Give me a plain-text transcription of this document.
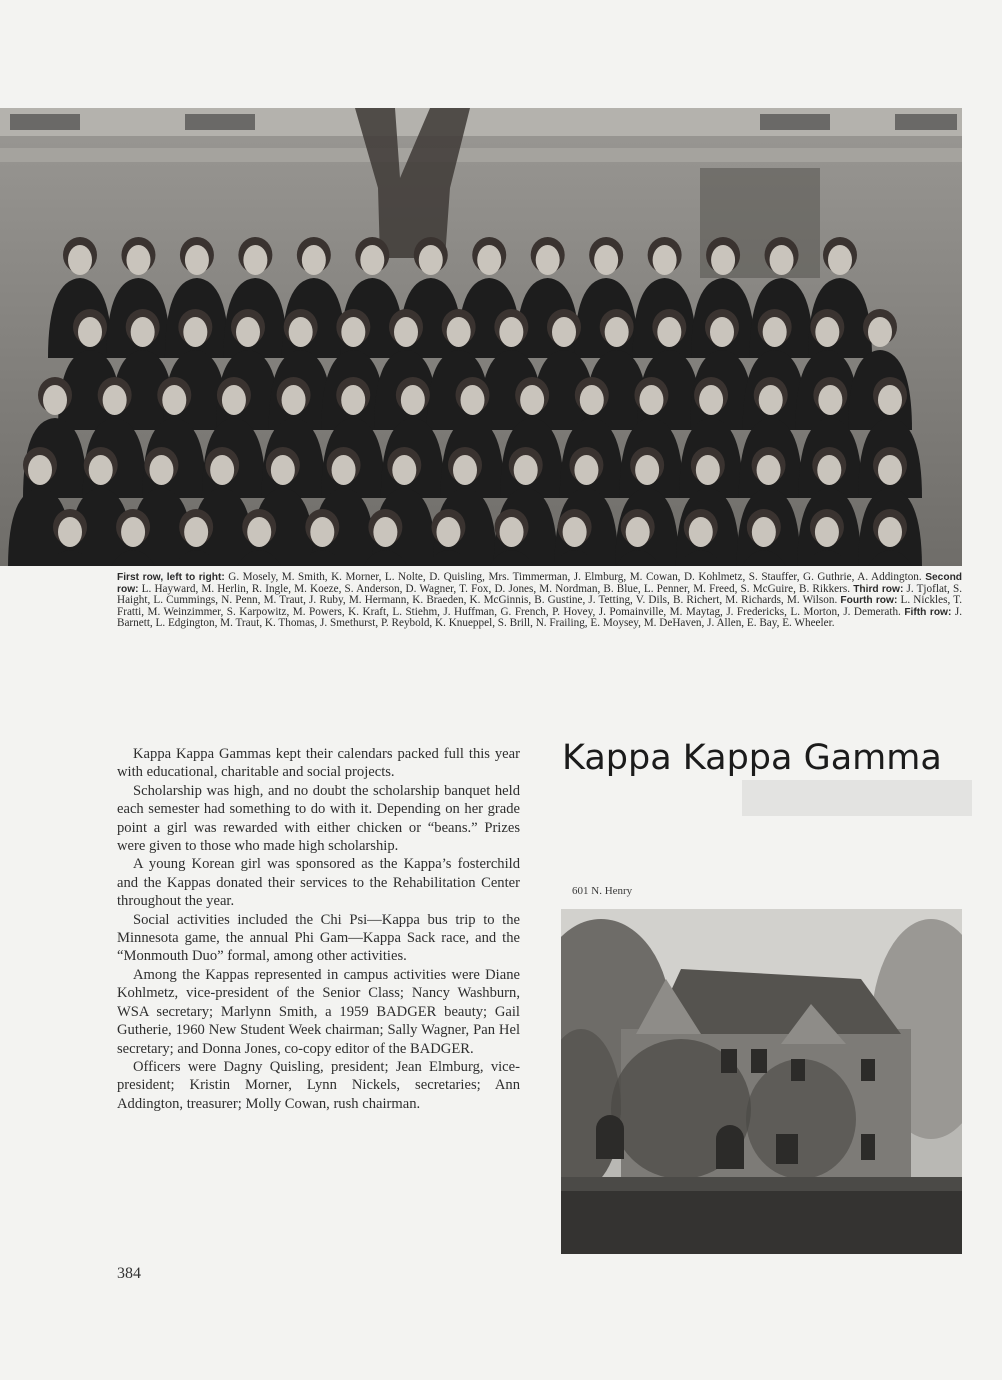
First row, left to right: G. Mosely, M. Smith, K. Morner, L. Nolte, D. Quisling, Mrs. Timmerman, J. Elmburg, M. Cowan, D. Kohlmetz, S. Stauffer, G. Guthrie, A. Addington. Second row: L. Hayward, M. Herlin, R. Ingle, M. Koeze, S. Anderson, D. Wagner, T. Fox, D. Jones, M. Nordman, B. Blue, L. Penner, M. Freed, S. McGuire, B. Rikkers. Third row: J. Tjoflat, S. Haight, L. Cummings, N. Penn, M. Traut, J. Ruby, M. Hermann, K. Braeden, K. McGinnis, B. Gustine, J. Tetting, V. Dils, B. Richert, M. Richards, M. Wilson. Fourth row: L. Nickles, T. Fratti, M. Weinzimmer, S. Karpowitz, M. Powers, K. Kraft, L. Stiehm, J. Huffman, G. French, P. Hovey, J. Pomainville, M. Maytag, J. Fredericks, L. Morton, J. Demerath. Fifth row: J. Barnett, L. Edgington, M. Traut, K. Thomas, J. Smethurst, P. Reybold, K. Knueppel, S. Brill, N. Frailing, E. Moysey, M. DeHaven, J. Allen, E. Bay, E. Wheeler.

Kappa Kappa Gammas kept their calendars packed full this year with educational, charitable and social projects.

Scholarship was high, and no doubt the scholarship banquet held each semester had something to do with it. Depending on her grade point a girl was rewarded with either chicken or “beans.” Prizes were given to those who made high scholarship.

A young Korean girl was sponsored as the Kappa’s fosterchild and the Kappas donated their services to the Rehabilitation Center throughout the year.

Social activities included the Chi Psi—Kappa bus trip to the Minnesota game, the annual Phi Gam—Kappa Sack race, and the “Monmouth Duo” formal, among other activities.

Among the Kappas represented in campus activities were Diane Kohlmetz, vice-president of the Senior Class; Nancy Washburn, WSA secretary; Marlynn Smith, a 1959 BADGER beauty; Gail Gutherie, 1960 New Student Week chairman; Sally Wagner, Pan Hel secretary; and Donna Jones, co-copy editor of the BADGER.

Officers were Dagny Quisling, president; Jean Elmburg, vice-president; Kristin Morner, Lynn Nickels, secretaries; Ann Addington, treasurer; Molly Cowan, rush chairman.

Kappa Kappa Gamma
601 N. Henry
384
